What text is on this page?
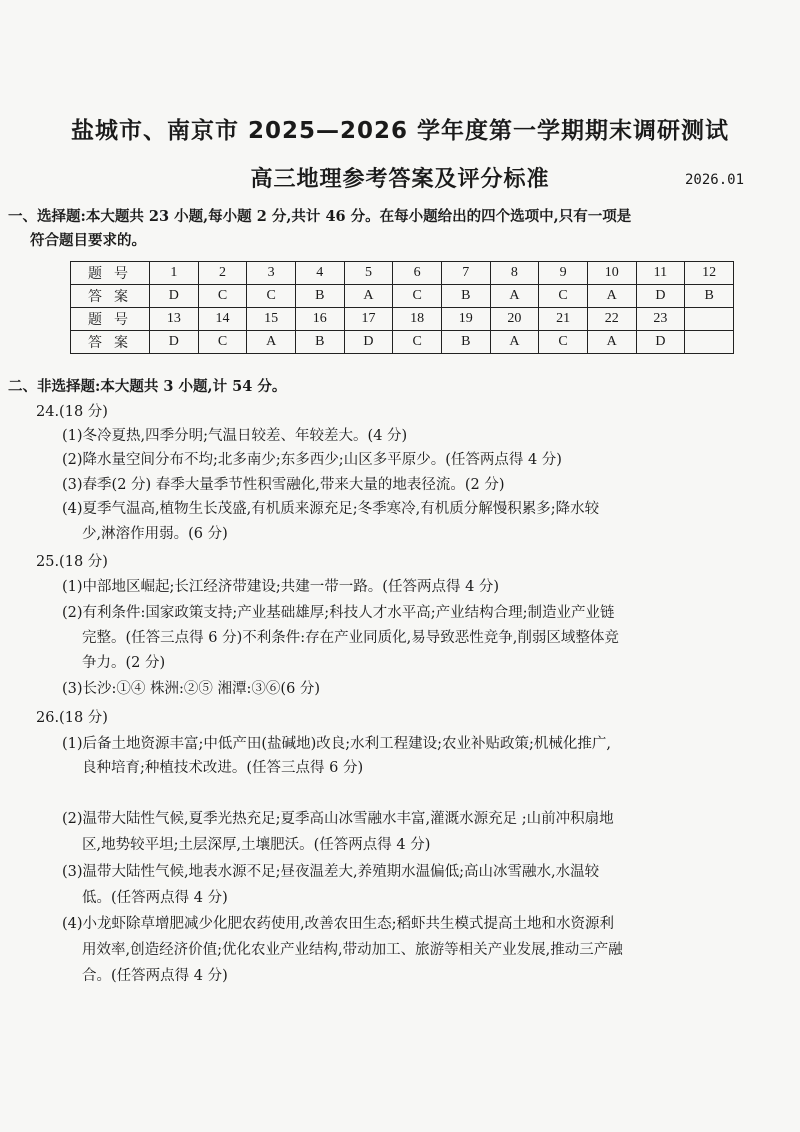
盐城市、南京市 2025—2026 学年度第一学期期末调研测试
高三地理参考答案及评分标准	2026.01
一、选择题:本大题共 23 小题,每小题 2 分,共计 46 分。在每小题给出的四个选项中,只有一项是
符合题目要求的。
题号	1	2	3	4	5	6	7	8	9	10	11	12
答案	D	C	C	B	A	C	B	A	C	A	D	B
题号	13	14	15	16	17	18	19	20	21	22	23	
答案	D	C	A	B	D	C	B	A	C	A	D	
二、非选择题:本大题共 3 小题,计 54 分。
24.(18 分)
(1)冬冷夏热,四季分明;气温日较差、年较差大。(4 分)
(2)降水量空间分布不均;北多南少;东多西少;山区多平原少。(任答两点得 4 分)
(3)春季(2 分) 春季大量季节性积雪融化,带来大量的地表径流。(2 分)
(4)夏季气温高,植物生长茂盛,有机质来源充足;冬季寒冷,有机质分解慢积累多;降水较
少,淋溶作用弱。(6 分)
25.(18 分)
(1)中部地区崛起;长江经济带建设;共建一带一路。(任答两点得 4 分)
(2)有利条件:国家政策支持;产业基础雄厚;科技人才水平高;产业结构合理;制造业产业链
完整。(任答三点得 6 分)不利条件:存在产业同质化,易导致恶性竞争,削弱区域整体竞
争力。(2 分)
(3)长沙:①④ 株洲:②⑤ 湘潭:③⑥(6 分)
26.(18 分)
(1)后备土地资源丰富;中低产田(盐碱地)改良;水利工程建设;农业补贴政策;机械化推广,
良种培育;种植技术改进。(任答三点得 6 分)
(2)温带大陆性气候,夏季光热充足;夏季高山冰雪融水丰富,灌溉水源充足 ;山前冲积扇地
区,地势较平坦;土层深厚,土壤肥沃。(任答两点得 4 分)
(3)温带大陆性气候,地表水源不足;昼夜温差大,养殖期水温偏低;高山冰雪融水,水温较
低。(任答两点得 4 分)
(4)小龙虾除草增肥减少化肥农药使用,改善农田生态;稻虾共生模式提高土地和水资源利
用效率,创造经济价值;优化农业产业结构,带动加工、旅游等相关产业发展,推动三产融
合。(任答两点得 4 分)
